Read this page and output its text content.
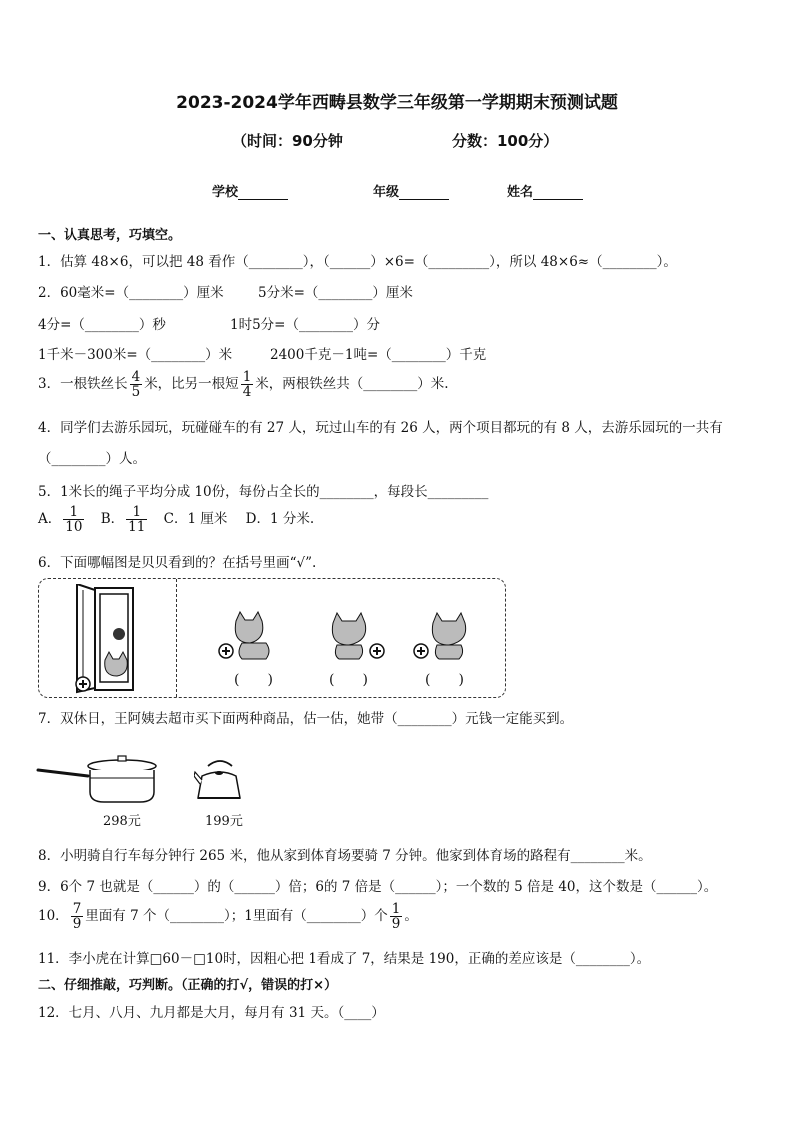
2023-2024学年西畴县数学三年级第一学期期末预测试题
（时间：90分钟	分数：100分）
学校	年级	姓名
一、认真思考，巧填空。
1．估算 48×6，可以把 48 看作（________），（______）×6=（_________），所以 48×6≈（________）。
2．60毫米=（________）厘米	5分米=（________）厘米
4分=（________）秒	1时5分=（________）分
1千米－300米=（________）米	2400千克－1吨=（________）千克
3．一根铁丝长 $\frac{4}{5}$ 米，比另一根短 $\frac{1}{4}$ 米，两根铁丝共（________）米.
4．同学们去游乐园玩，玩碰碰车的有 27 人，玩过山车的有 26 人，两个项目都玩的有 8 人，去游乐园玩的一共有
（________）人。
5．1米长的绳子平均分成 10份，每份占全长的________，每段长_________
A． $\frac{1}{10}$ B． $\frac{1}{11}$ C．1 厘米 D．1 分米.
6．下面哪幅图是贝贝看到的？在括号里画“√”.
(　　)	(　　)	(　　)
7．双休日，王阿姨去超市买下面两种商品，估一估，她带（________）元钱一定能买到。
298元	199元
8．小明骑自行车每分钟行 265 米，他从家到体育场要骑 7 分钟。他家到体育场的路程有________米。
9．6个 7 也就是（______）的（______）倍；6的 7 倍是（______）；一个数的 5 倍是 40，这个数是（______）。
10． $\frac{7}{9}$ 里面有 7 个（________）；1里面有（________）个 $\frac{1}{9}$ 。
11．李小虎在计算□60－□10时，因粗心把 1看成了 7，结果是 190，正确的差应该是（________）。
二、仔细推敲，巧判断。（正确的打√，错误的打×）
12．七月、八月、九月都是大月，每月有 31 天。（____）
